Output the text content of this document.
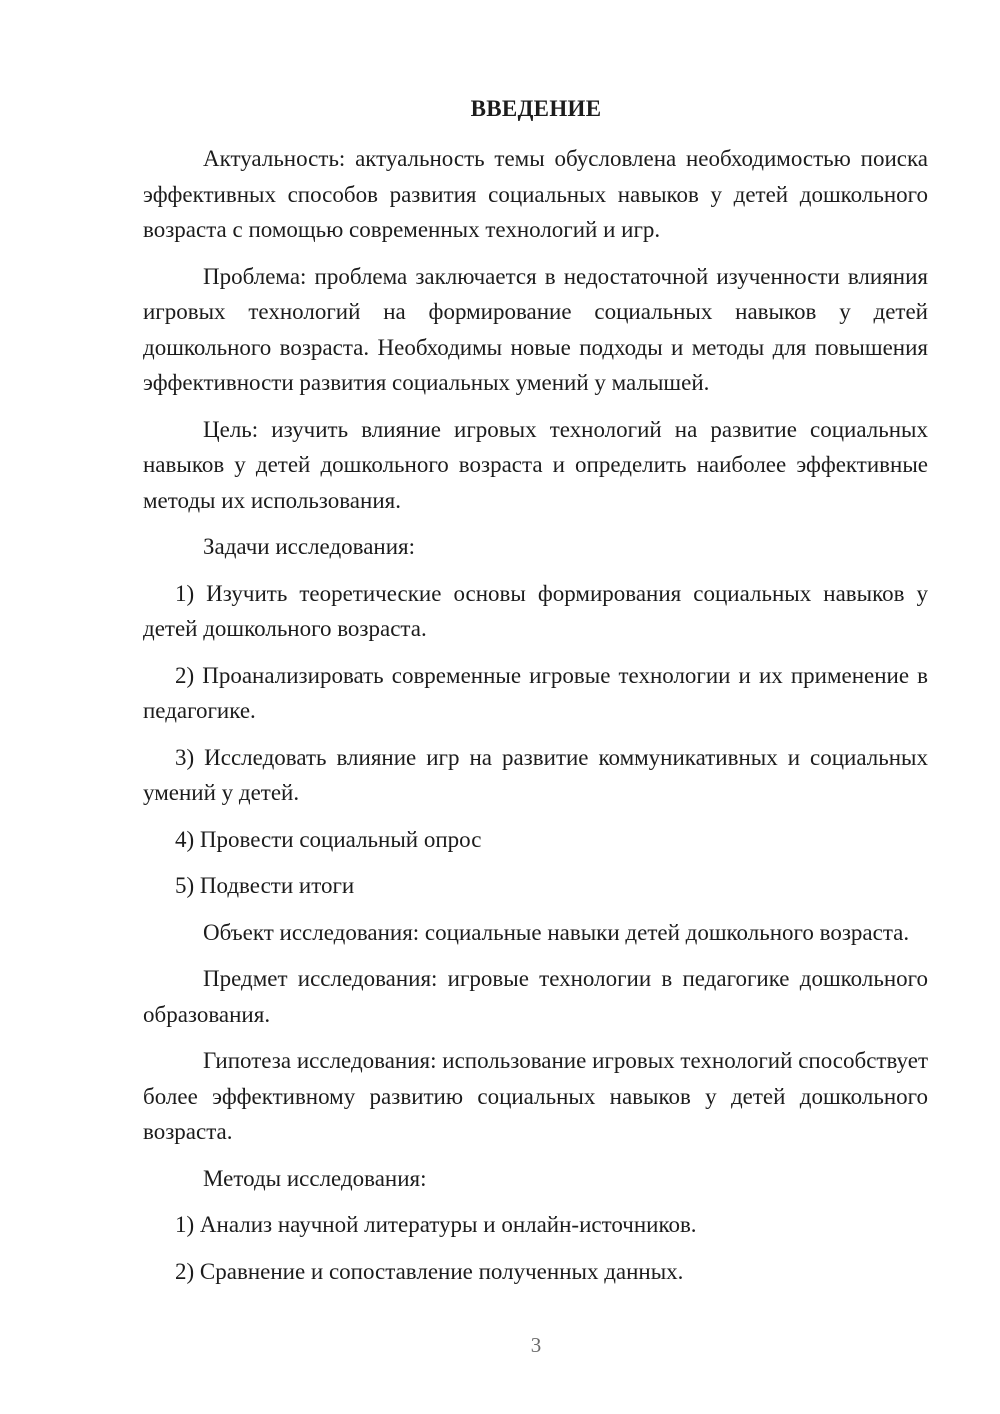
ВВЕДЕНИЕ

Актуальность: актуальность темы обусловлена необходимостью поиска эффективных способов развития социальных навыков у детей дошкольного возраста с помощью современных технологий и игр.

Проблема: проблема заключается в недостаточной изученности влияния игровых технологий на формирование социальных навыков у детей дошкольного возраста. Необходимы новые подходы и методы для повышения эффективности развития социальных умений у малышей.

Цель: изучить влияние игровых технологий на развитие социальных навыков у детей дошкольного возраста и определить наиболее эффективные методы их использования.

Задачи исследования:

1) Изучить теоретические основы формирования социальных навыков у детей дошкольного возраста.

2) Проанализировать современные игровые технологии и их применение в педагогике.

3) Исследовать влияние игр на развитие коммуникативных и социальных умений у детей.

4) Провести социальный опрос

5) Подвести итоги

Объект исследования: социальные навыки детей дошкольного возраста.

Предмет исследования: игровые технологии в педагогике дошкольного образования.

Гипотеза исследования: использование игровых технологий способствует более эффективному развитию социальных навыков у детей дошкольного возраста.

Методы исследования:

1) Анализ научной литературы и онлайн-источников.

2) Сравнение и сопоставление полученных данных.

3
